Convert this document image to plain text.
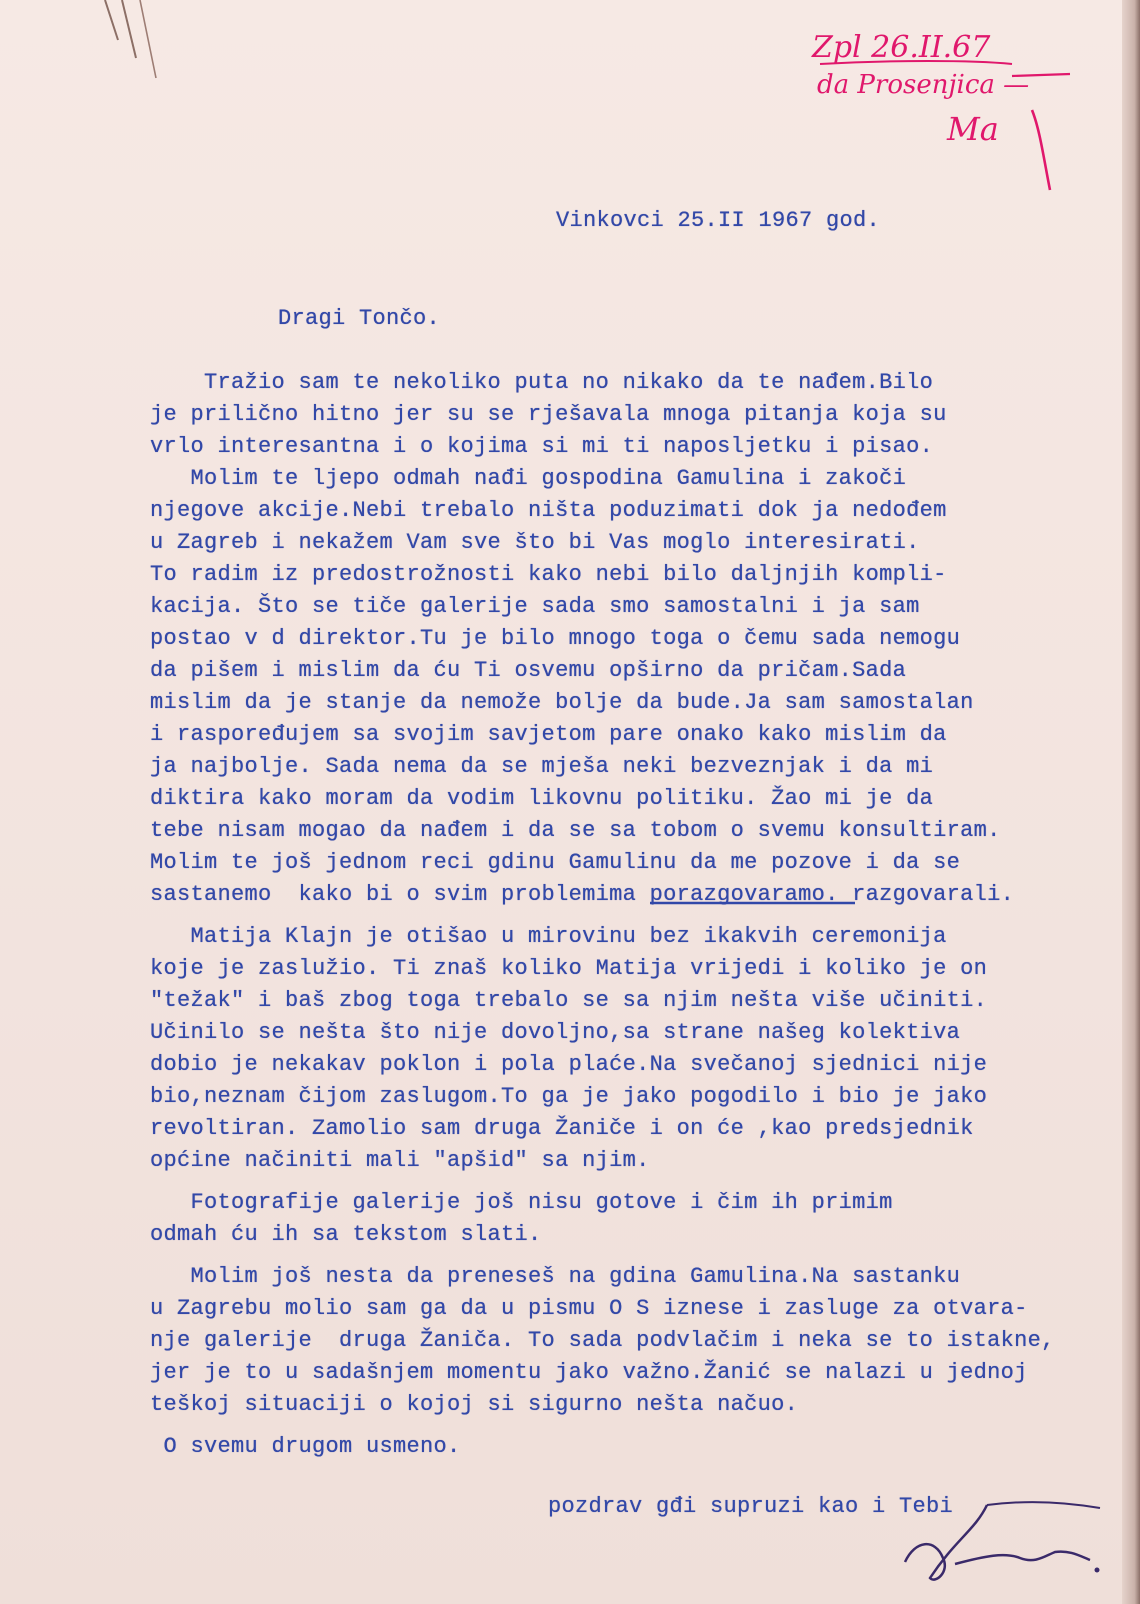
Zpl 26.II.67
da Prosenjica —
Ma
Vinkovci 25.II 1967 god.
Dragi Tončo.

Tražio sam te nekoliko puta no nikako da te nađem.Bilo

je prilično hitno jer su se rješavala mnoga pitanja koja su

vrlo interesantna i o kojima si mi ti naposljetku i pisao.

Molim te ljepo odmah nađi gospodina Gamulina i zakoči

njegove akcije.Nebi trebalo ništa poduzimati dok ja nedođem

u Zagreb i nekažem Vam sve što bi Vas moglo interesirati.

To radim iz predostrožnosti kako nebi bilo daljnjih kompli-

kacija. Što se tiče galerije sada smo samostalni i ja sam

postao v d direktor.Tu je bilo mnogo toga o čemu sada nemogu

da pišem i mislim da ću Ti osvemu opširno da pričam.Sada

mislim da je stanje da nemože bolje da bude.Ja sam samostalan

i raspoređujem sa svojim savjetom pare onako kako mislim da

ja najbolje. Sada nema da se mješa neki bezveznjak i da mi

diktira kako moram da vodim likovnu politiku. Žao mi je da

tebe nisam mogao da nađem i da se sa tobom o svemu konsultiram.

Molim te još jednom reci gdinu Gamulinu da me pozove i da se

sastanemo  kako bi o svim problemima porazgovaramo. razgovarali.

Matija Klajn je otišao u mirovinu bez ikakvih ceremonija

koje je zaslužio. Ti znaš koliko Matija vrijedi i koliko je on

"težak" i baš zbog toga trebalo se sa njim nešta više učiniti.

Učinilo se nešta što nije dovoljno,sa strane našeg kolektiva

dobio je nekakav poklon i pola plaće.Na svečanoj sjednici nije

bio,neznam čijom zaslugom.To ga je jako pogodilo i bio je jako

revoltiran. Zamolio sam druga Žaniče i on će ,kao predsjednik

općine načiniti mali "apšid" sa njim.

Fotografije galerije još nisu gotove i čim ih primim

odmah ću ih sa tekstom slati.

Molim još nesta da preneseš na gdina Gamulina.Na sastanku

u Zagrebu molio sam ga da u pismu O S iznese i zasluge za otvara-

nje galerije  druga Žaniča. To sada podvlačim i neka se to istakne,

jer je to u sadašnjem momentu jako važno.Žanić se nalazi u jednoj

teškoj situaciji o kojoj si sigurno nešta načuo.

O svemu drugom usmeno.

pozdrav gđi supruzi kao i Tebi
